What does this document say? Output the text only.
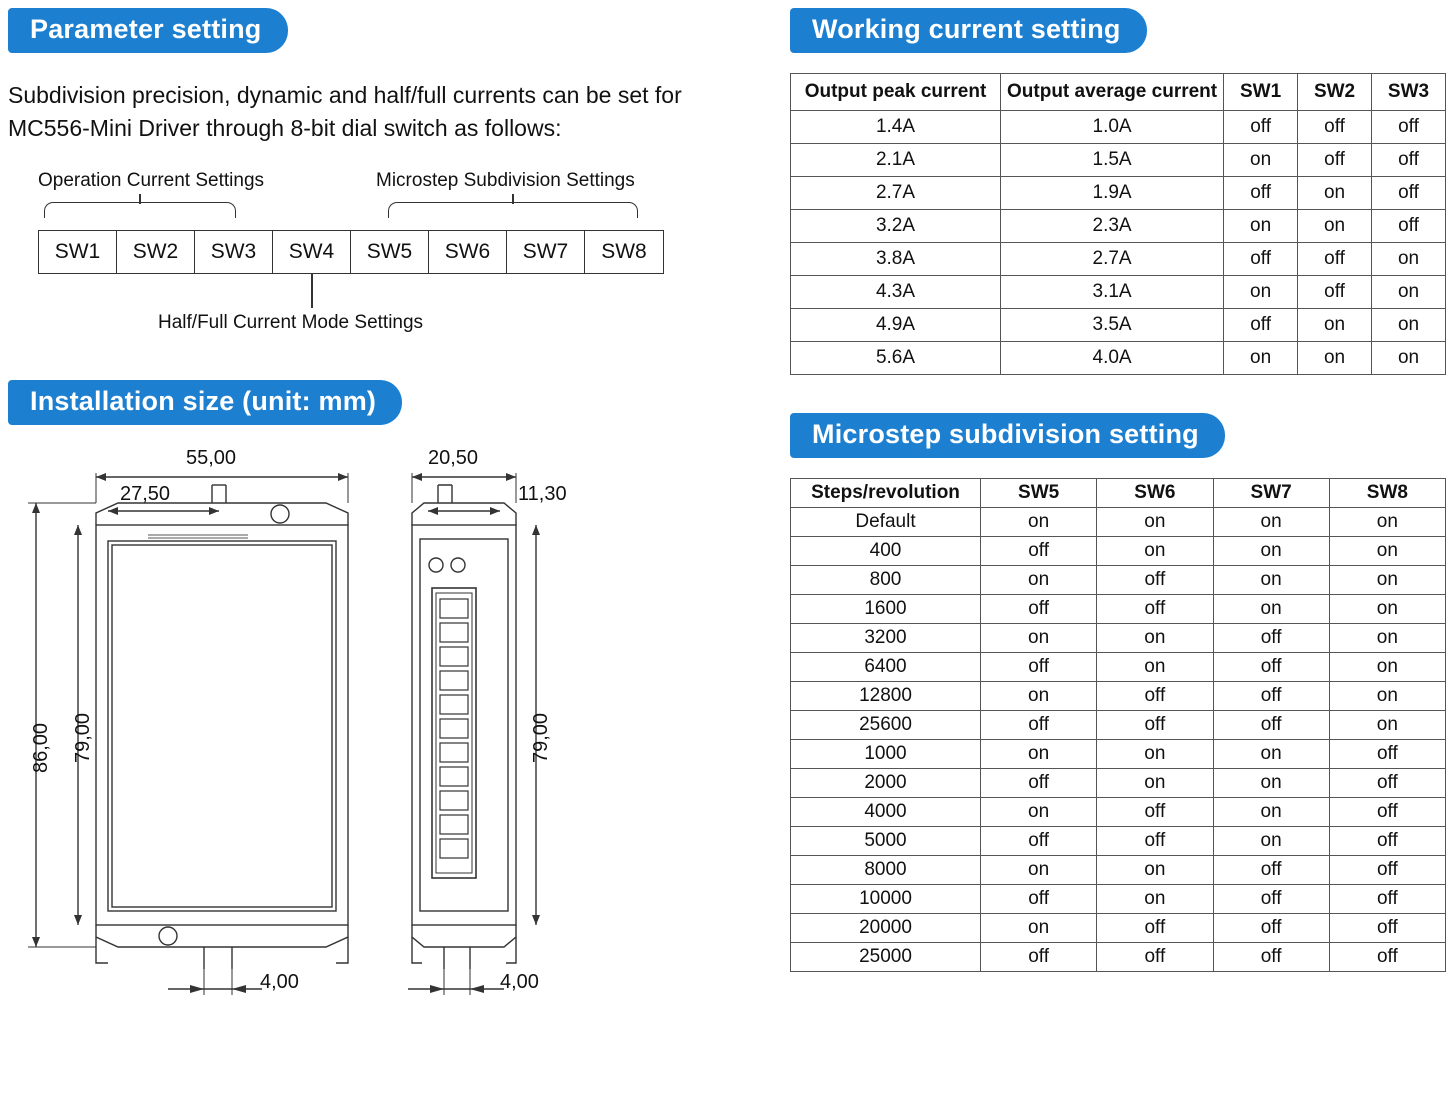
Parameter setting
Subdivision precision, dynamic and half/full currents can be set for MC556-Mini Driver through 8-bit dial switch as follows:
Operation Current Settings	Microstep Subdivision Settings
SW1	SW2	SW3	SW4	SW5	SW6	SW7	SW8
Half/Full Current Mode Settings
Installation size (unit: mm)
55,00
27,50
86,00 79,00
4,00
20,50
11,30
79,00
4,00
Working current setting
Output peak current	Output average current	SW1	SW2	SW3
1.4A	1.0A	off	off	off
2.1A	1.5A	on	off	off
2.7A	1.9A	off	on	off
3.2A	2.3A	on	on	off
3.8A	2.7A	off	off	on
4.3A	3.1A	on	off	on
4.9A	3.5A	off	on	on
5.6A	4.0A	on	on	on
Microstep subdivision setting
Steps/revolution	SW5	SW6	SW7	SW8
Default	on	on	on	on
400	off	on	on	on
800	on	off	on	on
1600	off	off	on	on
3200	on	on	off	on
6400	off	on	off	on
12800	on	off	off	on
25600	off	off	off	on
1000	on	on	on	off
2000	off	on	on	off
4000	on	off	on	off
5000	off	off	on	off
8000	on	on	off	off
10000	off	on	off	off
20000	on	off	off	off
25000	off	off	off	off
